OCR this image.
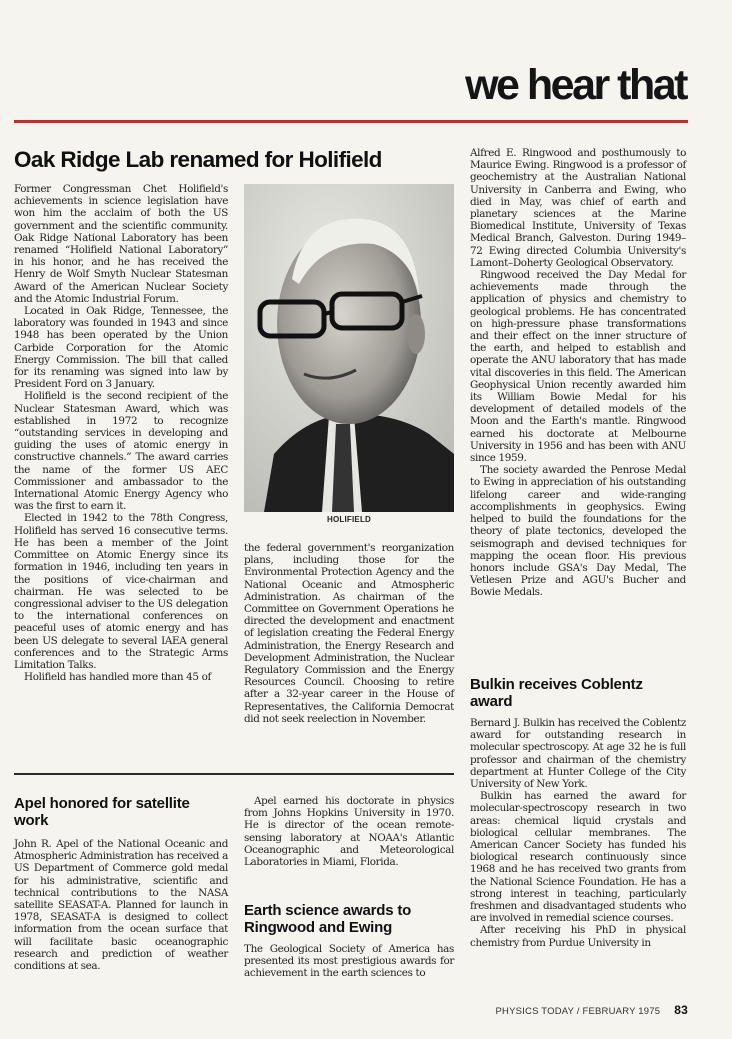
we hear that
Oak Ridge Lab renamed for Holifield

Former Congressman Chet Holifield's achievements in science legislation have won him the acclaim of both the US government and the scientific community. Oak Ridge National Laboratory has been renamed “Holifield National Laboratory” in his honor, and he has received the Henry de Wolf Smyth Nuclear Statesman Award of the American Nuclear Society and the Atomic Industrial Forum.

Located in Oak Ridge, Tennessee, the laboratory was founded in 1943 and since 1948 has been operated by the Union Carbide Corporation for the Atomic Energy Commission. The bill that called for its renaming was signed into law by President Ford on 3 January.

Holifield is the second recipient of the Nuclear Statesman Award, which was established in 1972 to recognize “outstanding services in developing and guiding the uses of atomic energy in constructive channels.” The award carries the name of the former US AEC Commissioner and ambassador to the International Atomic Energy Agency who was the first to earn it.

Elected in 1942 to the 78th Congress, Holifield has served 16 consecutive terms. He has been a member of the Joint Committee on Atomic Energy since its formation in 1946, including ten years in the positions of vice-chairman and chairman. He was selected to be congressional adviser to the US delegation to the international conferences on peaceful uses of atomic energy and has been US delegate to several IAEA general conferences and to the Strategic Arms Limitation Talks.

Holifield has handled more than 45 of

HOLIFIELD

the federal government's reorganization plans, including those for the Environmental Protection Agency and the National Oceanic and Atmospheric Administration. As chairman of the Committee on Government Operations he directed the development and enactment of legislation creating the Federal Energy Administration, the Energy Research and Development Administration, the Nuclear Regulatory Commission and the Energy Resources Council. Choosing to retire after a 32-year career in the House of Representatives, the California Democrat did not seek reelection in November.

Alfred E. Ringwood and posthumously to Maurice Ewing. Ringwood is a professor of geochemistry at the Australian National University in Canberra and Ewing, who died in May, was chief of earth and planetary sciences at the Marine Biomedical Institute, University of Texas Medical Branch, Galveston. During 1949–72 Ewing directed Columbia University's Lamont–Doherty Geological Observatory.

Ringwood received the Day Medal for achievements made through the application of physics and chemistry to geological problems. He has concentrated on high-pressure phase transformations and their effect on the inner structure of the earth, and helped to establish and operate the ANU laboratory that has made vital discoveries in this field. The American Geophysical Union recently awarded him its William Bowie Medal for his development of detailed models of the Moon and the Earth's mantle. Ringwood earned his doctorate at Melbourne University in 1956 and has been with ANU since 1959.

The society awarded the Penrose Medal to Ewing in appreciation of his outstanding lifelong career and wide-ranging accomplishments in geophysics. Ewing helped to build the foundations for the theory of plate tectonics, developed the seismograph and devised techniques for mapping the ocean floor. His previous honors include GSA's Day Medal, The Vetlesen Prize and AGU's Bucher and Bowie Medals.

Bulkin receives Coblentz award

Bernard J. Bulkin has received the Coblentz award for outstanding research in molecular spectroscopy. At age 32 he is full professor and chairman of the chemistry department at Hunter College of the City University of New York.

Bulkin has earned the award for molecular-spectroscopy research in two areas: chemical liquid crystals and biological cellular membranes. The American Cancer Society has funded his biological research continuously since 1968 and he has received two grants from the National Science Foundation. He has a strong interest in teaching, particularly freshmen and disadvantaged students who are involved in remedial science courses.

After receiving his PhD in physical chemistry from Purdue University in

Apel honored for satellite work

John R. Apel of the National Oceanic and Atmospheric Administration has received a US Department of Commerce gold medal for his administrative, scientific and technical contributions to the NASA satellite SEASAT-A. Planned for launch in 1978, SEASAT-A is designed to collect information from the ocean surface that will facilitate basic oceanographic research and prediction of weather conditions at sea.

Apel earned his doctorate in physics from Johns Hopkins University in 1970. He is director of the ocean remote-sensing laboratory at NOAA's Atlantic Oceanographic and Meteorological Laboratories in Miami, Florida.

Earth science awards to Ringwood and Ewing

The Geological Society of America has presented its most prestigious awards for achievement in the earth sciences to

PHYSICS TODAY / FEBRUARY 1975 83
